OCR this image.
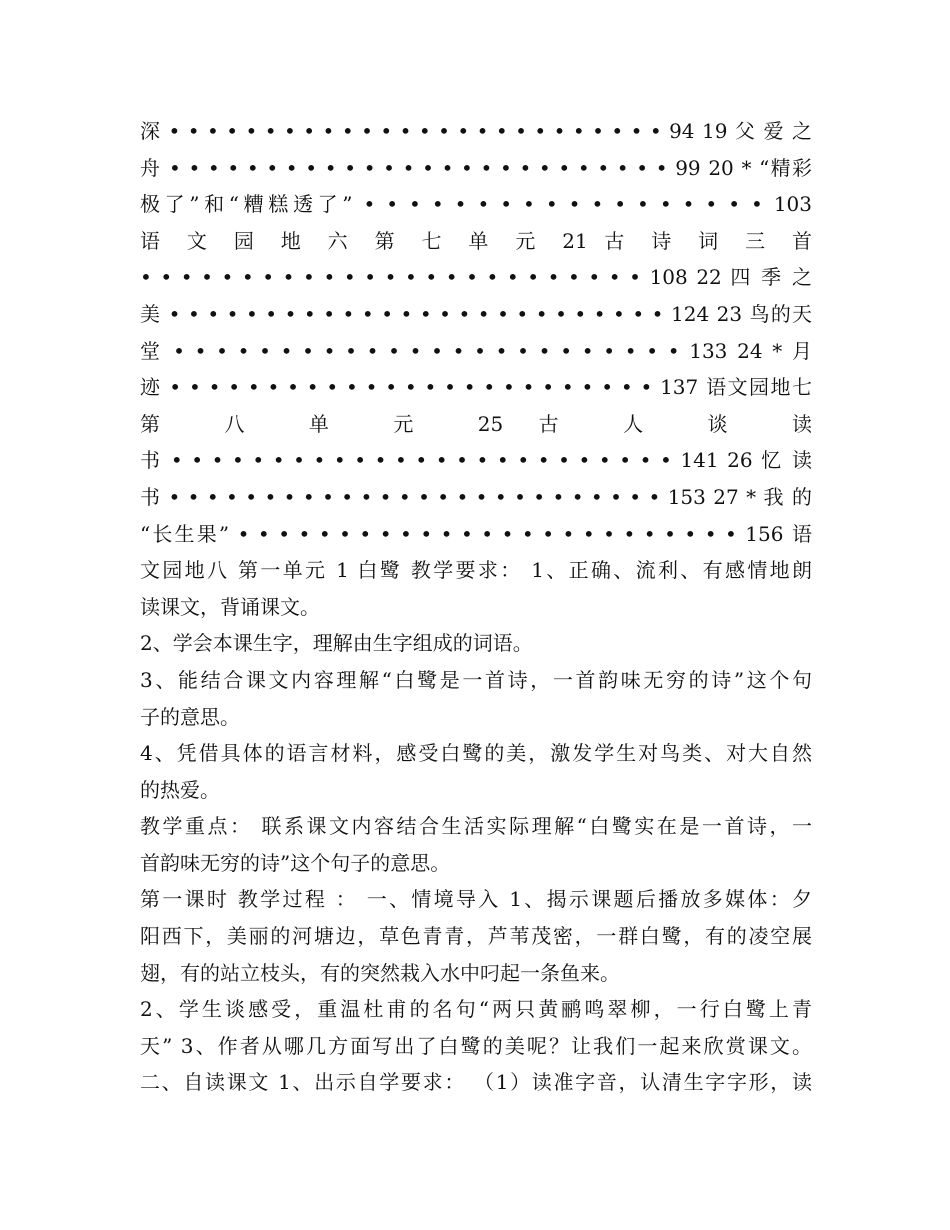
深 • • • • • • • • • • • • • • • • • • • • • • • • • • 94 19 父 爱 之
舟 • • • • • • • • • • • • • • • • • • • • • • • • • • 99 20 * “精彩
极了”和“糟糕透了” • • • • • • • • • • • • • • • • • • 103
语 文 园 地 六 第 七 单 元 21 古 诗 词 三 首
• • • • • • • • • • • • • • • • • • • • • • • • • 108 22 四 季 之
美 • • • • • • • • • • • • • • • • • • • • • • • • • • 124 23 鸟的天
堂 • • • • • • • • • • • • • • • • • • • • • • • • 133 24 * 月
迹 • • • • • • • • • • • • • • • • • • • • • • • • • 137 语文园地七
第 八 单 元 25 古 人 谈 读
书 • • • • • • • • • • • • • • • • • • • • • • • • • 141 26 忆 读
书 • • • • • • • • • • • • • • • • • • • • • • • • • • 153 27 * 我 的
“长生果” • • • • • • • • • • • • • • • • • • • • • • • • • 156 语
文园地八 第一单元 1 白鹭 教学要求： 1、正确、流利、有感情地朗
读课文，背诵课文。
2、学会本课生字，理解由生字组成的词语。
3、能结合课文内容理解“白鹭是一首诗，一首韵味无穷的诗”这个句
子的意思。
4、凭借具体的语言材料，感受白鹭的美，激发学生对鸟类、对大自然
的热爱。
教学重点： 联系课文内容结合生活实际理解“白鹭实在是一首诗，一
首韵味无穷的诗”这个句子的意思。
第一课时 教学过程 ： 一、情境导入 1、揭示课题后播放多媒体：夕
阳西下，美丽的河塘边，草色青青，芦苇茂密，一群白鹭，有的凌空展
翅，有的站立枝头，有的突然栽入水中叼起一条鱼来。
2、学生谈感受，重温杜甫的名句“两只黄鹂鸣翠柳，一行白鹭上青
天” 3、作者从哪几方面写出了白鹭的美呢？让我们一起来欣赏课文。
二、自读课文 1、出示自学要求： （1）读准字音，认清生字字形，读
